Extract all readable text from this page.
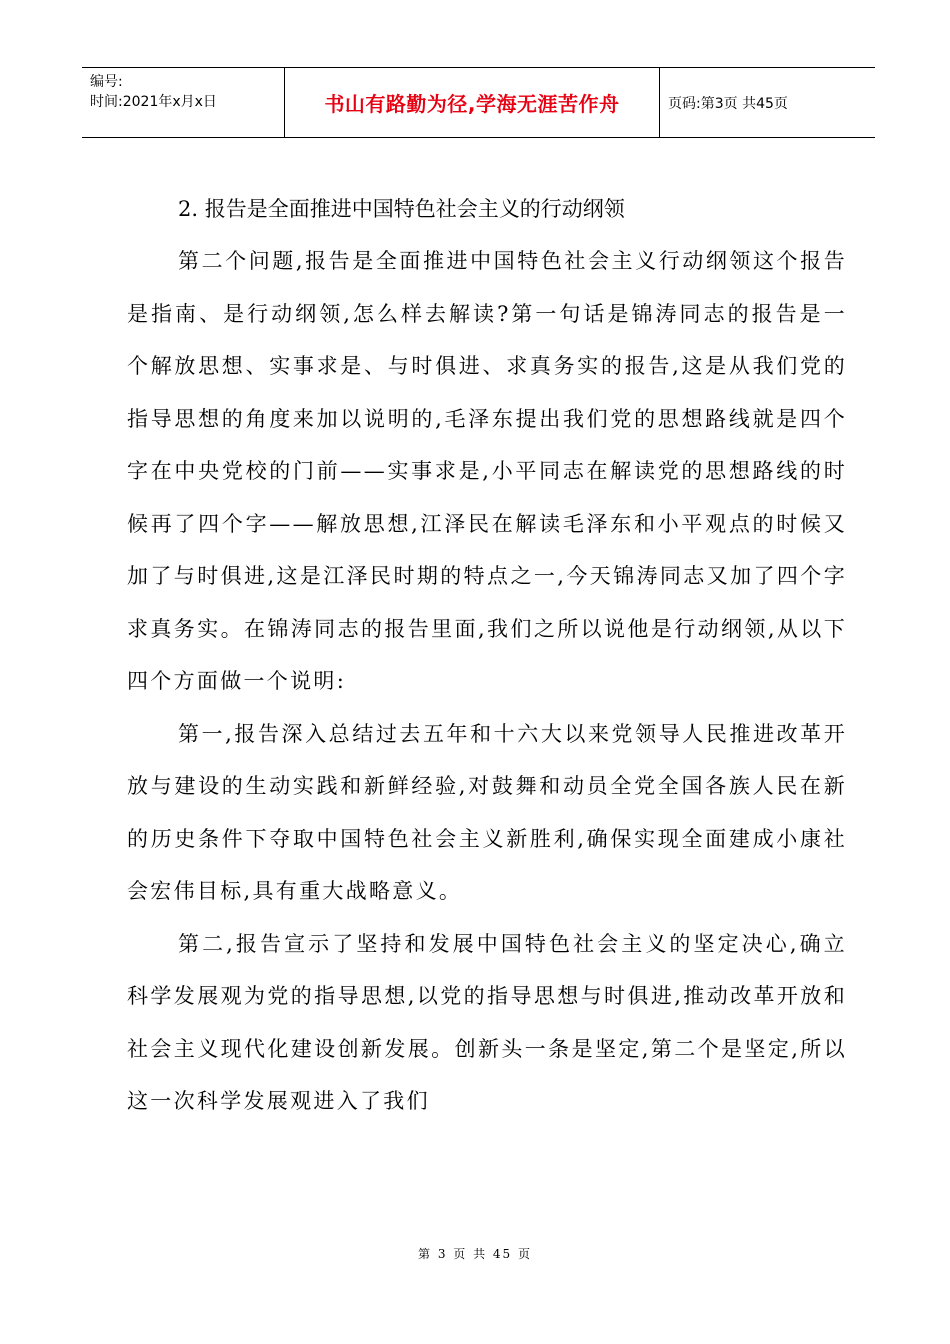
编号:
时间:2021年x月x日	书山有路勤为径,学海无涯苦作舟	页码:第3页 共45页
2. 报告是全面推进中国特色社会主义的行动纲领

第二个问题,报告是全面推进中国特色社会主义行动纲领这个报告是指南、是行动纲领,怎么样去解读?第一句话是锦涛同志的报告是一个解放思想、实事求是、与时俱进、求真务实的报告,这是从我们党的指导思想的角度来加以说明的,毛泽东提出我们党的思想路线就是四个字在中央党校的门前——实事求是,小平同志在解读党的思想路线的时候再了四个字——解放思想,江泽民在解读毛泽东和小平观点的时候又加了与时俱进,这是江泽民时期的特点之一,今天锦涛同志又加了四个字求真务实。在锦涛同志的报告里面,我们之所以说他是行动纲领,从以下四个方面做一个说明:

第一,报告深入总结过去五年和十六大以来党领导人民推进改革开放与建设的生动实践和新鲜经验,对鼓舞和动员全党全国各族人民在新的历史条件下夺取中国特色社会主义新胜利,确保实现全面建成小康社会宏伟目标,具有重大战略意义。

第二,报告宣示了坚持和发展中国特色社会主义的坚定决心,确立科学发展观为党的指导思想,以党的指导思想与时俱进,推动改革开放和社会主义现代化建设创新发展。创新头一条是坚定,第二个是坚定,所以这一次科学发展观进入了我们

第 3 页 共 45 页
